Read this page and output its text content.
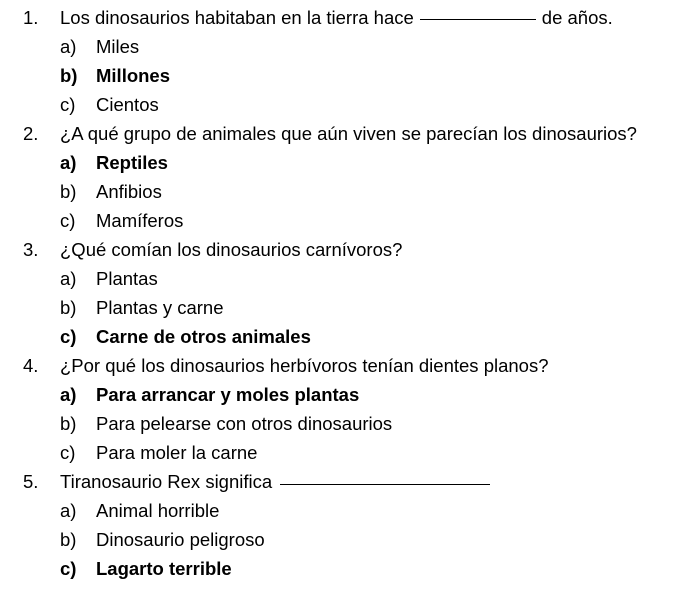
1. Los dinosaurios habitaban en la tierra hace	de años.
a) Miles
b) Millones
c) Cientos
2. ¿A qué grupo de animales que aún viven se parecían los dinosaurios?
a) Reptiles
b) Anfibios
c) Mamíferos
3. ¿Qué comían los dinosaurios carnívoros?
a) Plantas
b) Plantas y carne
c) Carne de otros animales
4. ¿Por qué los dinosaurios herbívoros tenían dientes planos?
a) Para arrancar y moles plantas
b) Para pelearse con otros dinosaurios
c) Para moler la carne
5. Tiranosaurio Rex significa
a) Animal horrible
b) Dinosaurio peligroso
c) Lagarto terrible
